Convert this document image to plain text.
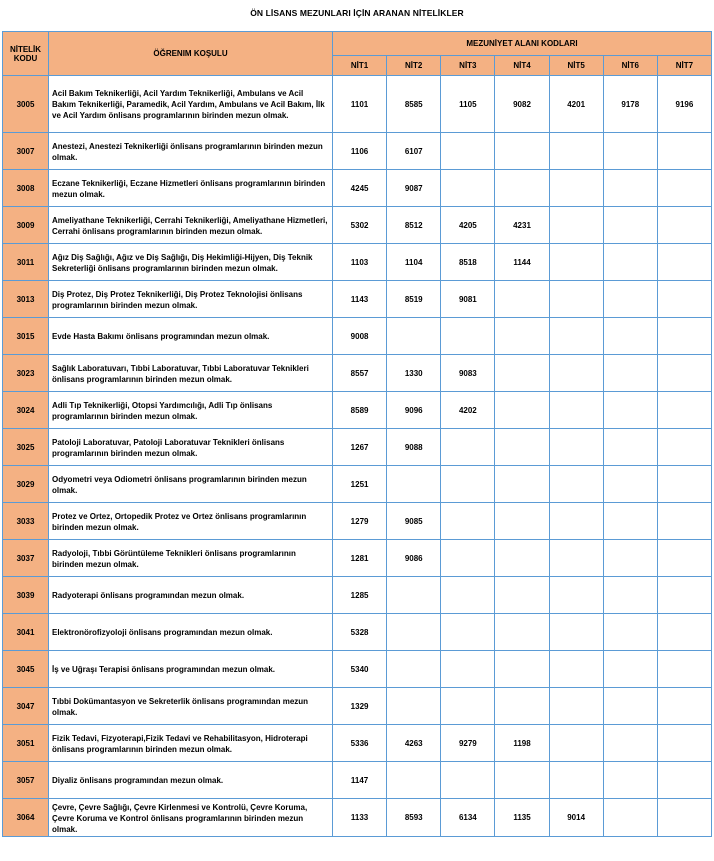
ÖN LİSANS MEZUNLARI İÇİN ARANAN NİTELİKLER
NİTELİK KODU	ÖĞRENIM KOŞULU	MEZUNİYET ALANI KODLARI						
		NİT1	NİT2	NİT3	NİT4	NİT5	NİT6	NİT7
3005	Acil Bakım Teknikerliği, Acil Yardım Teknikerliği, Ambulans ve Acil Bakım Teknikerliği, Paramedik, Acil Yardım, Ambulans ve Acil Bakım, İlk ve Acil Yardım önlisans programlarının birinden mezun olmak.	1101	8585	1105	9082	4201	9178	9196
3007	Anestezi, Anestezi Teknikerliği önlisans programlarının birinden mezun olmak.	1106	6107					
3008	Eczane Teknikerliği, Eczane Hizmetleri önlisans programlarının birinden mezun olmak.	4245	9087					
3009	Ameliyathane Teknikerliği, Cerrahi Teknikerliği, Ameliyathane Hizmetleri, Cerrahi önlisans programlarının birinden mezun olmak.	5302	8512	4205	4231			
3011	Ağız Diş Sağlığı, Ağız ve Diş Sağlığı, Diş Hekimliği-Hijyen, Diş Teknik Sekreterliği önlisans programlarının birinden mezun olmak.	1103	1104	8518	1144			
3013	Diş Protez, Diş Protez Teknikerliği, Diş Protez Teknolojisi önlisans programlarının birinden mezun olmak.	1143	8519	9081				
3015	Evde Hasta Bakımı önlisans programından mezun olmak.	9008						
3023	Sağlık Laboratuvarı, Tıbbi Laboratuvar, Tıbbi Laboratuvar Teknikleri önlisans programlarının birinden mezun olmak.	8557	1330	9083				
3024	Adli Tıp Teknikerliği, Otopsi Yardımcılığı, Adli Tıp önlisans programlarının birinden mezun olmak.	8589	9096	4202				
3025	Patoloji Laboratuvar, Patoloji Laboratuvar Teknikleri önlisans programlarının birinden mezun olmak.	1267	9088					
3029	Odyometri veya Odiometri önlisans programlarının birinden mezun olmak.	1251						
3033	Protez ve Ortez, Ortopedik Protez ve Ortez önlisans programlarının birinden mezun olmak.	1279	9085					
3037	Radyoloji, Tıbbi Görüntüleme Teknikleri önlisans programlarının birinden mezun olmak.	1281	9086					
3039	Radyoterapi önlisans programından mezun olmak.	1285						
3041	Elektronörofizyoloji önlisans programından mezun olmak.	5328						
3045	İş ve Uğraşı Terapisi önlisans programından mezun olmak.	5340						
3047	Tıbbi Dokümantasyon ve Sekreterlik önlisans programından mezun olmak.	1329						
3051	Fizik Tedavi, Fizyoterapi,Fizik Tedavi ve Rehabilitasyon, Hidroterapi önlisans programlarının birinden mezun olmak.	5336	4263	9279	1198			
3057	Diyaliz önlisans programından mezun olmak.	1147						
3064	Çevre, Çevre Sağlığı, Çevre Kirlenmesi ve Kontrolü, Çevre Koruma, Çevre Koruma ve Kontrol önlisans programlarının birinden mezun olmak.	1133	8593	6134	1135	9014		
